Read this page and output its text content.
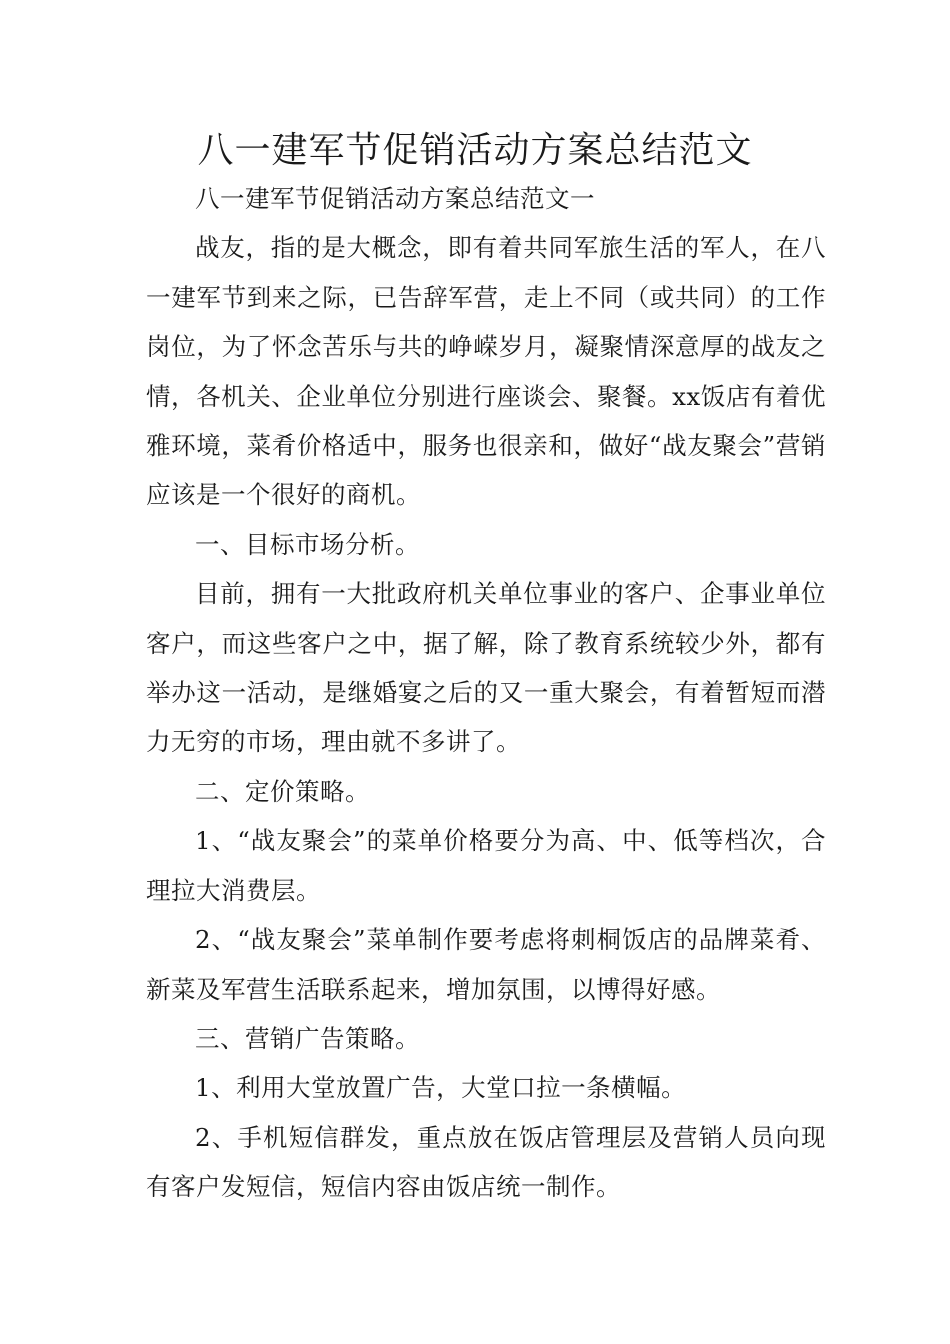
八一建军节促销活动方案总结范文

八一建军节促销活动方案总结范文一

战友，指的是大概念，即有着共同军旅生活的军人，在八一建军节到来之际，已告辞军营，走上不同（或共同）的工作岗位，为了怀念苦乐与共的峥嵘岁月，凝聚情深意厚的战友之情，各机关、企业单位分别进行座谈会、聚餐。xx饭店有着优雅环境，菜肴价格适中，服务也很亲和，做好“战友聚会”营销应该是一个很好的商机。

一、目标市场分析。

目前，拥有一大批政府机关单位事业的客户、企事业单位客户，而这些客户之中，据了解，除了教育系统较少外，都有举办这一活动，是继婚宴之后的又一重大聚会，有着暂短而潜力无穷的市场，理由就不多讲了。

二、定价策略。

1、“战友聚会”的菜单价格要分为高、中、低等档次，合理拉大消费层。

2、“战友聚会”菜单制作要考虑将刺桐饭店的品牌菜肴、新菜及军营生活联系起来，增加氛围，以博得好感。

三、营销广告策略。

1、利用大堂放置广告，大堂口拉一条横幅。

2、手机短信群发，重点放在饭店管理层及营销人员向现有客户发短信，短信内容由饭店统一制作。
